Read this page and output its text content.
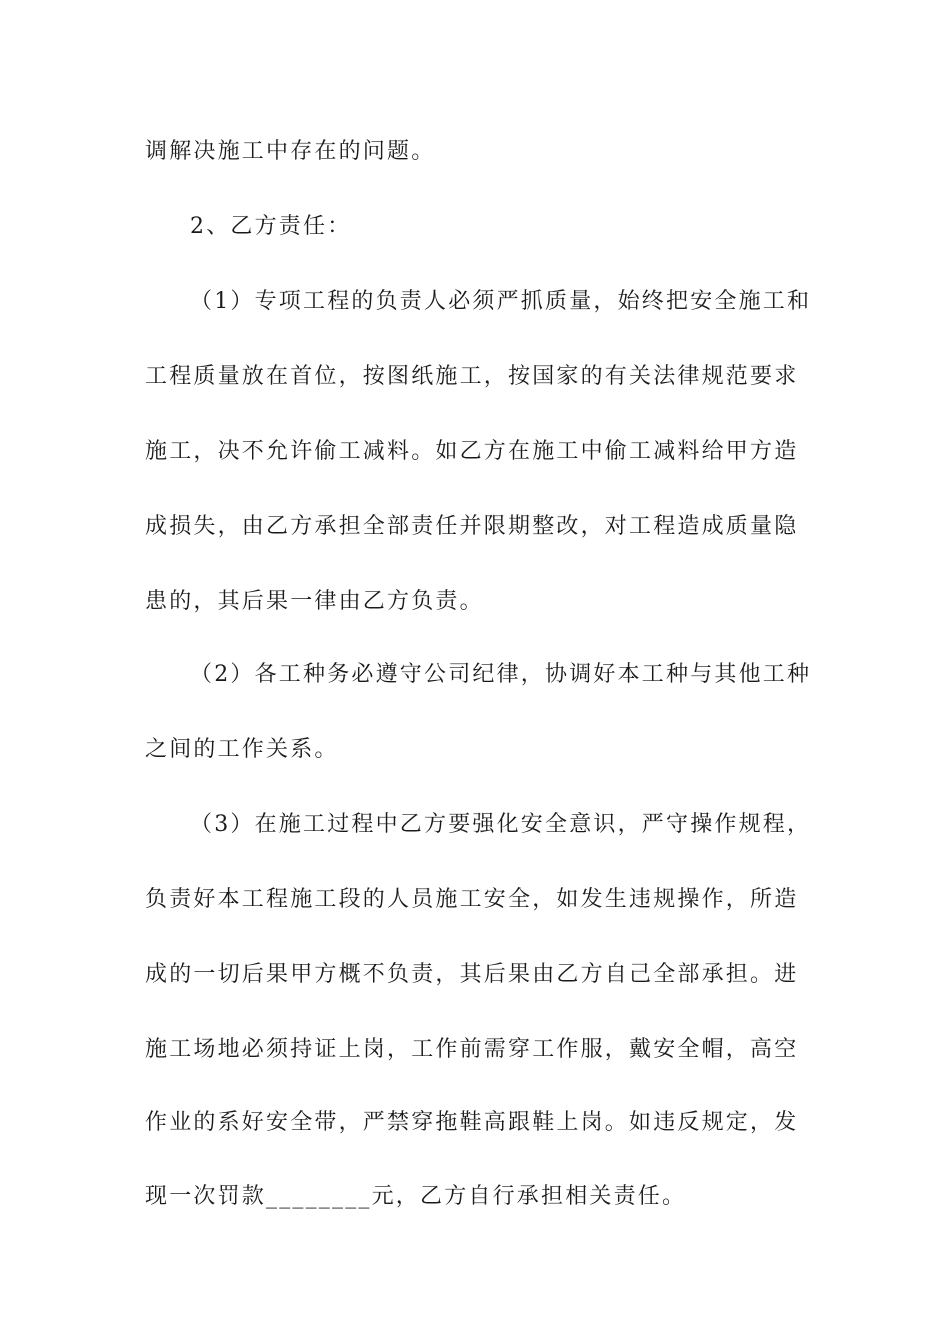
调解决施工中存在的问题。
2、乙方责任：
（1）专项工程的负责人必须严抓质量，始终把安全施工和
工程质量放在首位，按图纸施工，按国家的有关法律规范要求
施工，决不允许偷工减料。如乙方在施工中偷工减料给甲方造
成损失，由乙方承担全部责任并限期整改，对工程造成质量隐
患的，其后果一律由乙方负责。
（2）各工种务必遵守公司纪律，协调好本工种与其他工种
之间的工作关系。
（3）在施工过程中乙方要强化安全意识，严守操作规程，
负责好本工程施工段的人员施工安全，如发生违规操作，所造
成的一切后果甲方概不负责，其后果由乙方自己全部承担。进
施工场地必须持证上岗，工作前需穿工作服，戴安全帽，高空
作业的系好安全带，严禁穿拖鞋高跟鞋上岗。如违反规定，发
现一次罚款________元，乙方自行承担相关责任。
